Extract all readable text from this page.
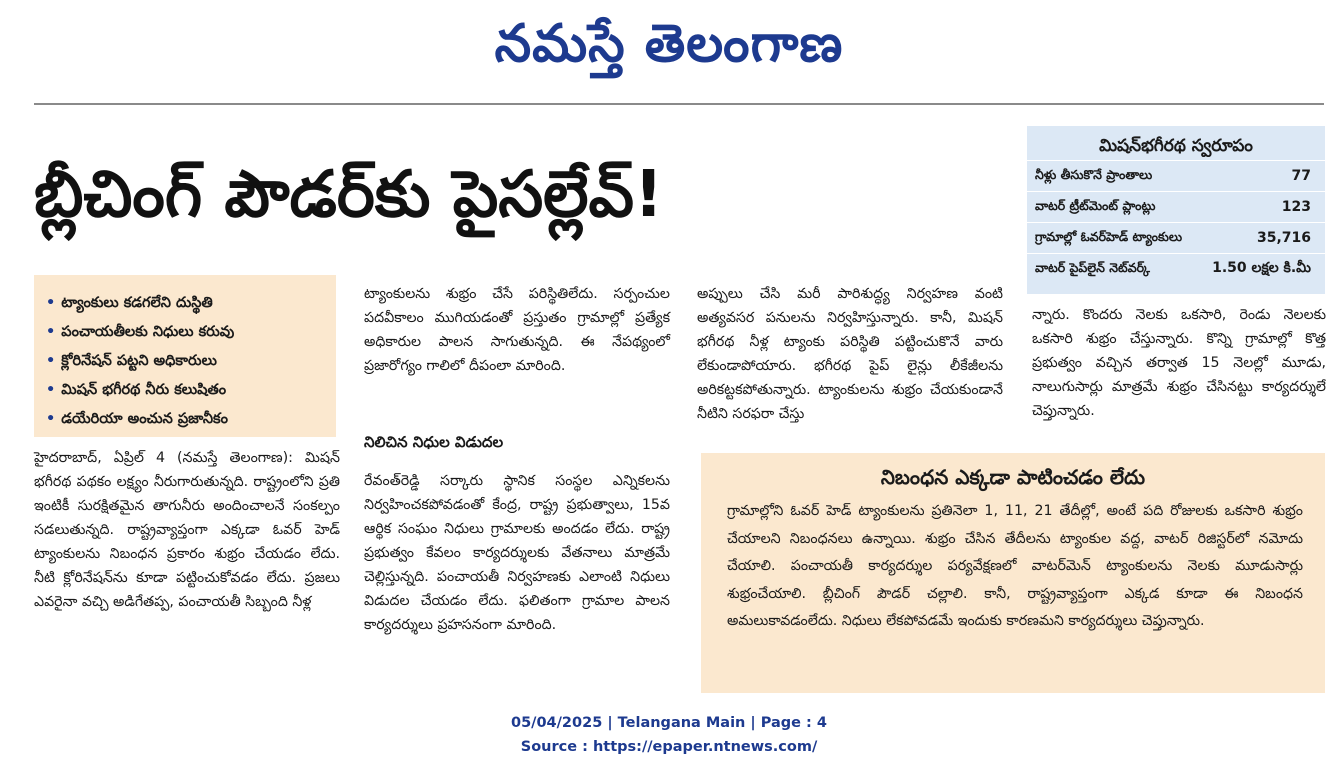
నమస్తే తెలంగాణ
బ్లీచింగ్ పౌడర్‌కు పైసల్లేవ్!
మిషన్‌భగీరథ స్వరూపం
నీళ్లు తీసుకొనే ప్రాంతాలు	77
వాటర్ ట్రీట్‌మెంట్ ప్లాంట్లు	123
గ్రామాల్లో ఓవర్‌హెడ్ ట్యాంకులు	35,716
వాటర్ పైప్‌లైన్ నెట్‌వర్క్	1.50 లక్షల కి.మీ
• ట్యాంకులు కడగలేని దుస్థితి
• పంచాయతీలకు నిధులు కరువు
• క్లోరినేషన్ పట్టని అధికారులు
• మిషన్ భగీరథ నీరు కలుషితం
• డయేరియా అంచున ప్రజానీకం
హైదరాబాద్, ఏప్రిల్ 4 (నమస్తే తెలంగాణ): మిషన్ భగీరథ పథకం లక్ష్యం నీరుగారుతున్నది. రాష్ట్రంలోని ప్రతి ఇంటికీ సురక్షితమైన తాగునీరు అందించాలనే సంకల్పం సడలుతున్నది. రాష్ట్రవ్యాప్తంగా ఎక్కడా ఓవర్ హెడ్ ట్యాంకులను నిబంధన ప్రకారం శుభ్రం చేయడం లేదు. నీటి క్లోరినేషన్‌ను కూడా పట్టించుకోవడం లేదు. ప్రజలు ఎవరైనా వచ్చి అడిగేతప్ప, పంచాయతీ సిబ్బంది నీళ్ల
ట్యాంకులను శుభ్రం చేసే పరిస్థితిలేదు. సర్పంచుల పదవీకాలం ముగియడంతో ప్రస్తుతం గ్రామాల్లో ప్రత్యేక అధికారుల పాలన సాగుతున్నది. ఈ నేపథ్యంలో ప్రజారోగ్యం గాలిలో దీపంలా మారింది.
నిలిచిన నిధుల విడుదల
రేవంత్‌రెడ్డి సర్కారు స్థానిక సంస్థల ఎన్నికలను నిర్వహించకపోవడంతో కేంద్ర, రాష్ట్ర ప్రభుత్వాలు, 15వ ఆర్థిక సంఘం నిధులు గ్రామాలకు అందడం లేదు. రాష్ట్ర ప్రభుత్వం కేవలం కార్యదర్శులకు వేతనాలు మాత్రమే చెల్లిస్తున్నది. పంచాయతీ నిర్వహణకు ఎలాంటి నిధులు విడుదల చేయడం లేదు. ఫలితంగా గ్రామాల పాలన కార్యదర్శులు ప్రహసనంగా మారింది.
అప్పులు చేసి మరీ పారిశుద్ధ్య నిర్వహణ వంటి అత్యవసర పనులను నిర్వహిస్తున్నారు. కానీ, మిషన్ భగీరథ నీళ్ల ట్యాంకు పరిస్థితి పట్టించుకొనే వారు లేకుండాపోయారు. భగీరథ పైప్ లైన్లు లీకేజీలను అరికట్టకపోతున్నారు. ట్యాంకులను శుభ్రం చేయకుండానే నీటిని సరఫరా చేస్తు
న్నారు. కొందరు నెలకు ఒకసారి, రెండు నెలలకు ఒకసారి శుభ్రం చేస్తున్నారు. కొన్ని గ్రామాల్లో కొత్త ప్రభుత్వం వచ్చిన తర్వాత 15 నెలల్లో మూడు, నాలుగుసార్లు మాత్రమే శుభ్రం చేసినట్టు కార్యదర్శులే చెప్తున్నారు.
నిబంధన ఎక్కడా పాటించడం లేదు
గ్రామాల్లోని ఓవర్ హెడ్ ట్యాంకులను ప్రతినెలా 1, 11, 21 తేదీల్లో, అంటే పది రోజులకు ఒకసారి శుభ్రం చేయాలని నిబంధనలు ఉన్నాయి. శుభ్రం చేసిన తేదీలను ట్యాంకుల వద్ద, వాటర్ రిజిస్టర్‌లో నమోదు చేయాలి. పంచాయతీ కార్యదర్శుల పర్యవేక్షణలో వాటర్‌మెన్ ట్యాంకులను నెలకు మూడుసార్లు శుభ్రంచేయాలి. బ్లీచింగ్ పౌడర్ చల్లాలి. కానీ, రాష్ట్రవ్యాప్తంగా ఎక్కడ కూడా ఈ నిబంధన అమలుకావడంలేదు. నిధులు లేకపోవడమే ఇందుకు కారణమని కార్యదర్శులు చెప్తున్నారు.
05/04/2025 | Telangana Main | Page : 4
Source : https://epaper.ntnews.com/
